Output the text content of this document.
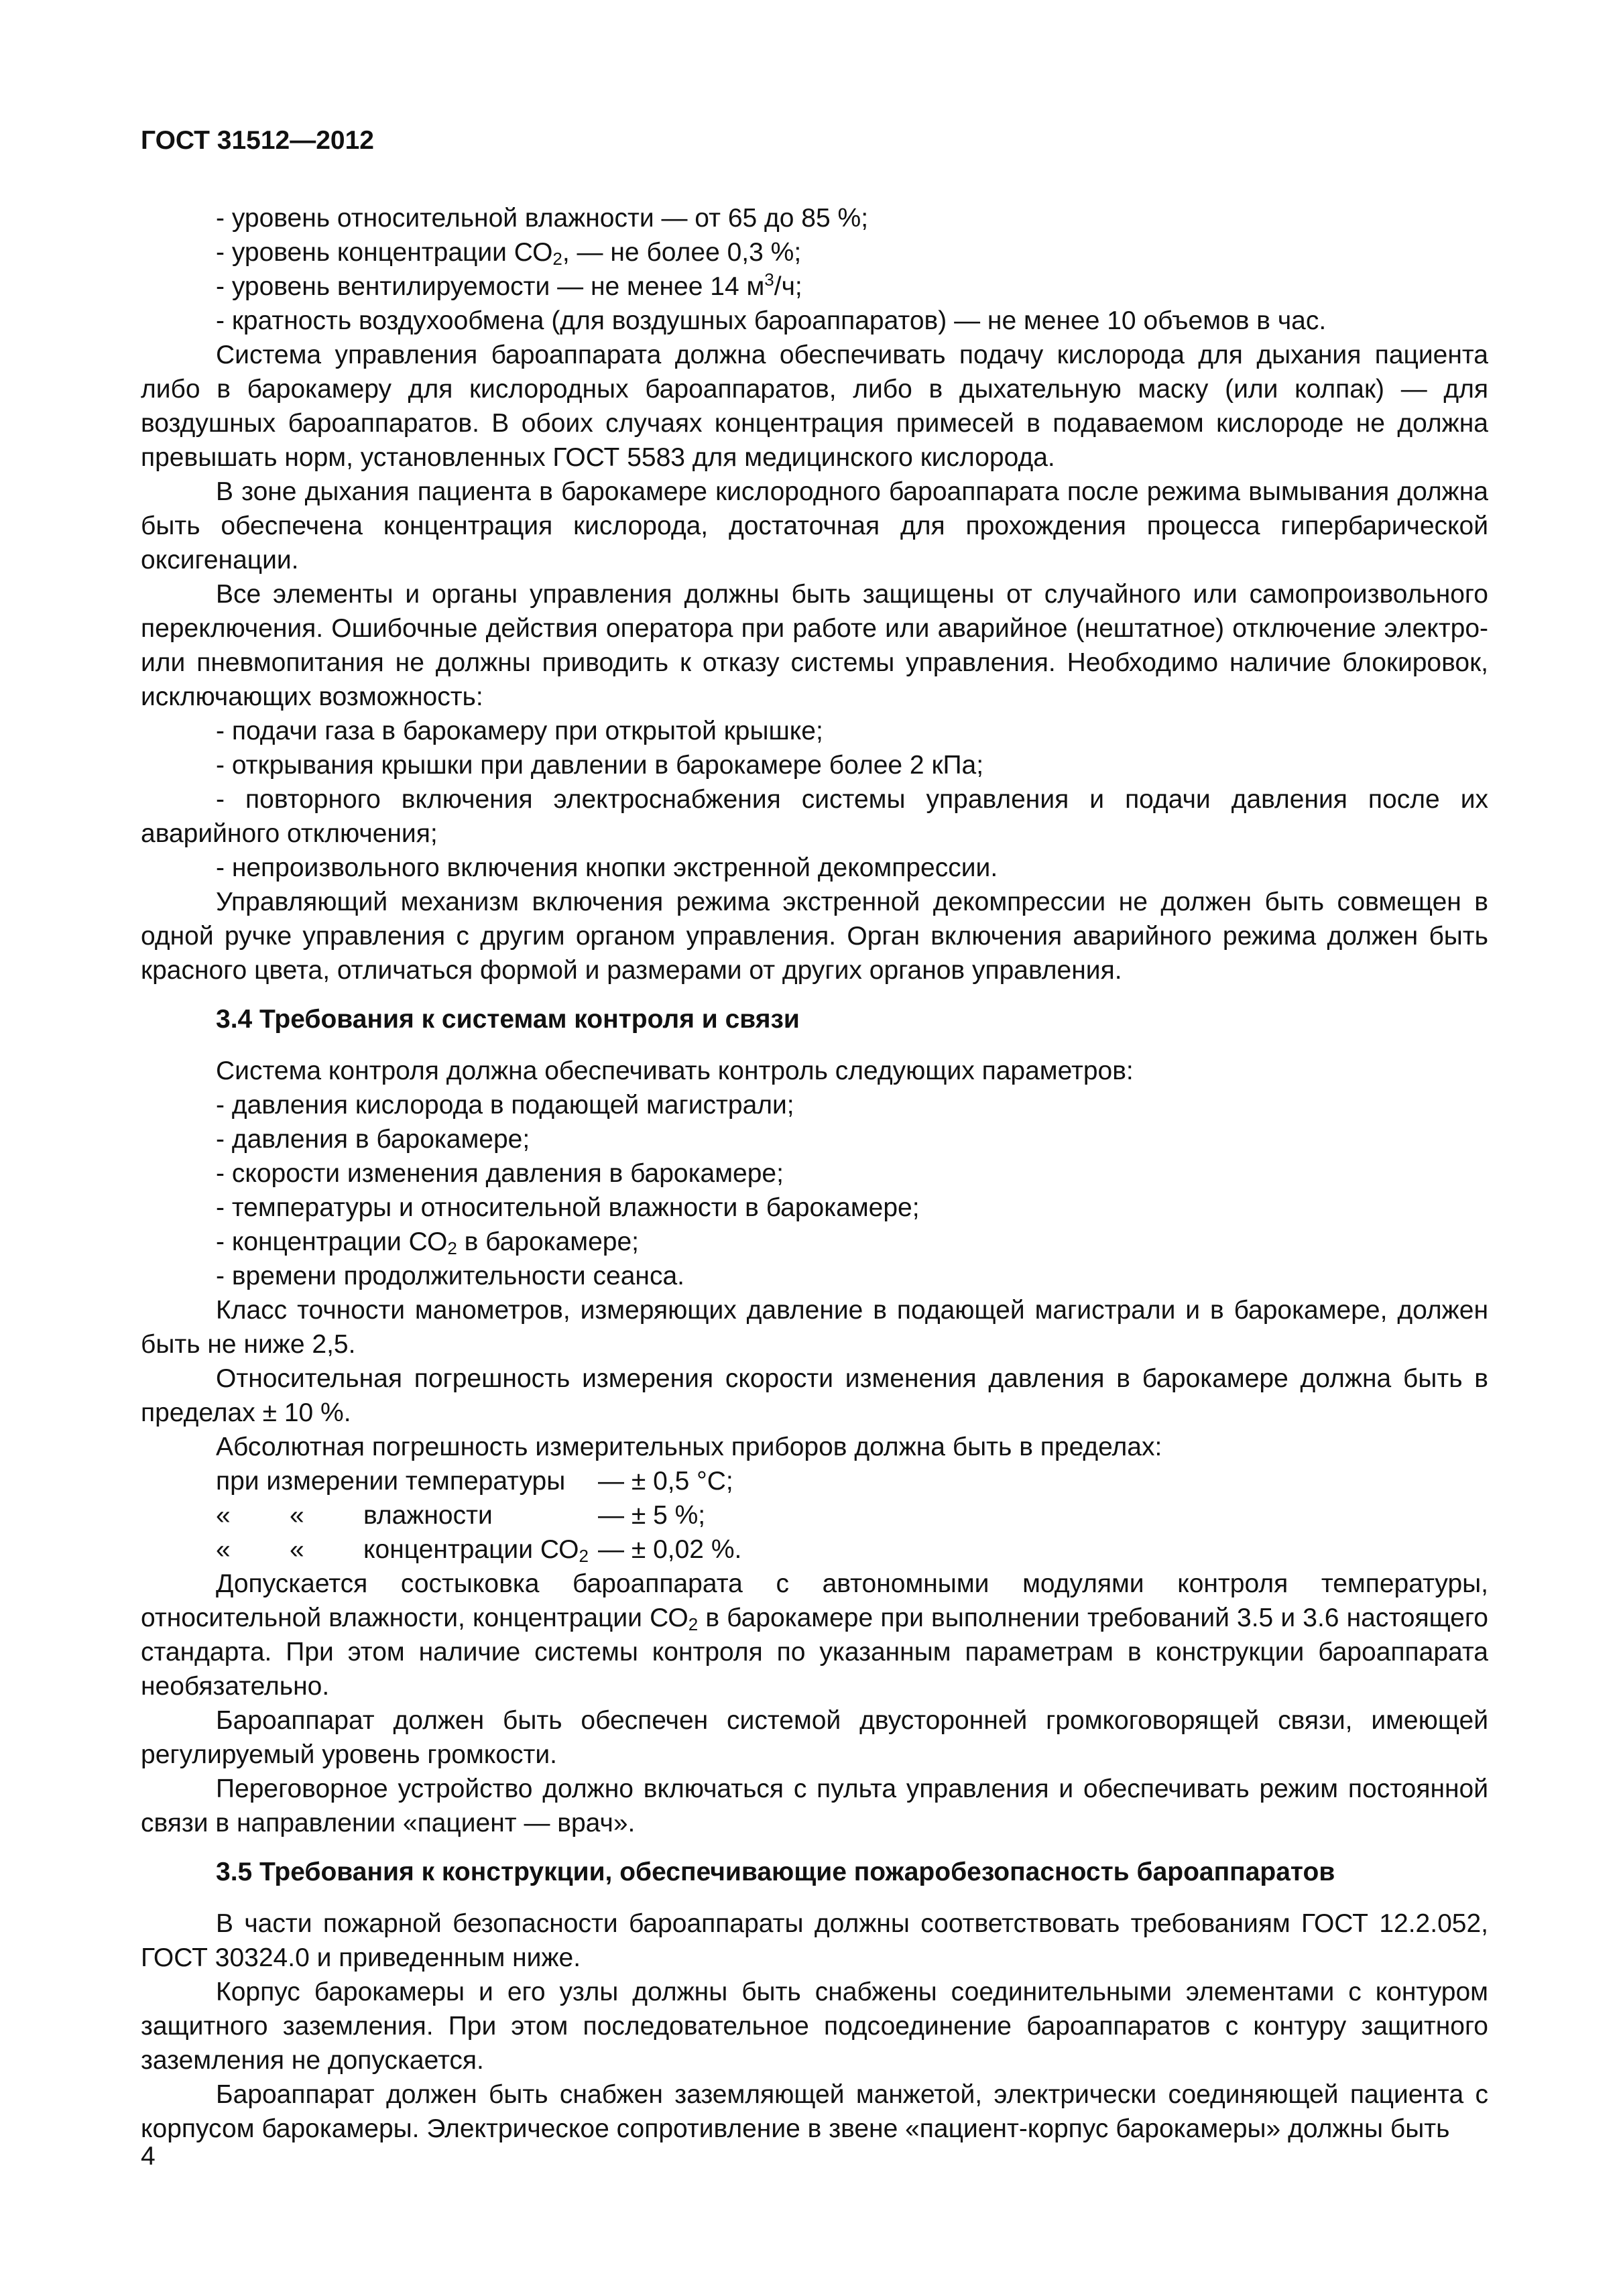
ГОСТ 31512—2012

- уровень относительной влажности — от 65 до 85 %;

- уровень концентрации $СО_2$, — не более 0,3 %;

- уровень вентилируемости — не менее 14 $м^3/ч$;

- кратность воздухообмена (для воздушных бароаппаратов) — не менее 10 объемов в час.

Система управления бароаппарата должна обеспечивать подачу кислорода для дыхания пациента либо в барокамеру для кислородных бароаппаратов, либо в дыхательную маску (или колпак) — для воздушных бароаппаратов. В обоих случаях концентрация примесей в подаваемом кислороде не должна превышать норм, установленных ГОСТ 5583 для медицинского кислорода.

В зоне дыхания пациента в барокамере кислородного бароаппарата после режима вымывания должна быть обеспечена концентрация кислорода, достаточная для прохождения процесса гипербарической оксигенации.

Все элементы и органы управления должны быть защищены от случайного или самопроизвольного переключения. Ошибочные действия оператора при работе или аварийное (нештатное) отключение электро- или пневмопитания не должны приводить к отказу системы управления. Необходимо наличие блокировок, исключающих возможность:

- подачи газа в барокамеру при открытой крышке;

- открывания крышки при давлении в барокамере более 2 кПа;

- повторного включения электроснабжения системы управления и подачи давления после их аварийного отключения;

- непроизвольного включения кнопки экстренной декомпрессии.

Управляющий механизм включения режима экстренной декомпрессии не должен быть совмещен в одной ручке управления с другим органом управления. Орган включения аварийного режима должен быть красного цвета, отличаться формой и размерами от других органов управления.

3.4 Требования к системам контроля и связи

Система контроля должна обеспечивать контроль следующих параметров:

- давления кислорода в подающей магистрали;

- давления в барокамере;

- скорости изменения давления в барокамере;

- температуры и относительной влажности в барокамере;

- концентрации $СО_2$ в барокамере;

- времени продолжительности сеанса.

Класс точности манометров, измеряющих давление в подающей магистрали и в барокамере, должен быть не ниже 2,5.

Относительная погрешность измерения скорости изменения давления в барокамере должна быть в пределах ± 10 %.

Абсолютная погрешность измерительных приборов должна быть в пределах:

при измерении температуры — ± 0,5 °С;

« « влажности	— ± 5 %;

« « концентрации $СО_2$ — ± 0,02 %.

Допускается состыковка бароаппарата с автономными модулями контроля температуры, относительной влажности, концентрации $СО_2$ в барокамере при выполнении требований 3.5 и 3.6 настоящего стандарта. При этом наличие системы контроля по указанным параметрам в конструкции бароаппарата необязательно.

Бароаппарат должен быть обеспечен системой двусторонней громкоговорящей связи, имеющей регулируемый уровень громкости.

Переговорное устройство должно включаться с пульта управления и обеспечивать режим постоянной связи в направлении «пациент — врач».

3.5 Требования к конструкции, обеспечивающие пожаробезопасность бароаппаратов

В части пожарной безопасности бароаппараты должны соответствовать требованиям ГОСТ 12.2.052, ГОСТ 30324.0 и приведенным ниже.

Корпус барокамеры и его узлы должны быть снабжены соединительными элементами с контуром защитного заземления. При этом последовательное подсоединение бароаппаратов с контуру защитного заземления не допускается.

Бароаппарат должен быть снабжен заземляющей манжетой, электрически соединяющей пациента с корпусом барокамеры. Электрическое сопротивление в звене «пациент-корпус барокамеры» должны быть

4
